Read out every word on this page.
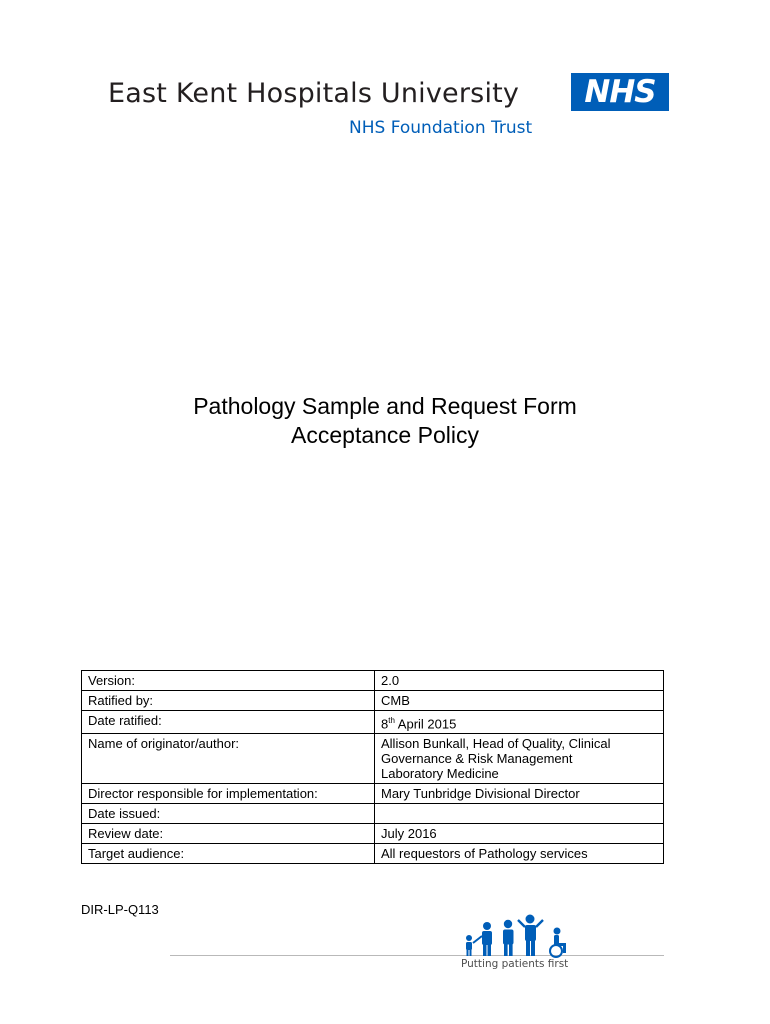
East Kent Hospitals University	NHS
NHS Foundation Trust
Pathology Sample and Request Form
Acceptance Policy
Version:	2.0
Ratified by:	CMB
Date ratified:	8th April 2015
Name of originator/author:	Allison Bunkall, Head of Quality, Clinical
Governance & Risk Management
Laboratory Medicine

Director responsible for implementation:	Mary Tunbridge Divisional Director
Date issued:	
Review date:	July 2016
Target audience:	All requestors of Pathology services
DIR-LP-Q113
Putting patients first
